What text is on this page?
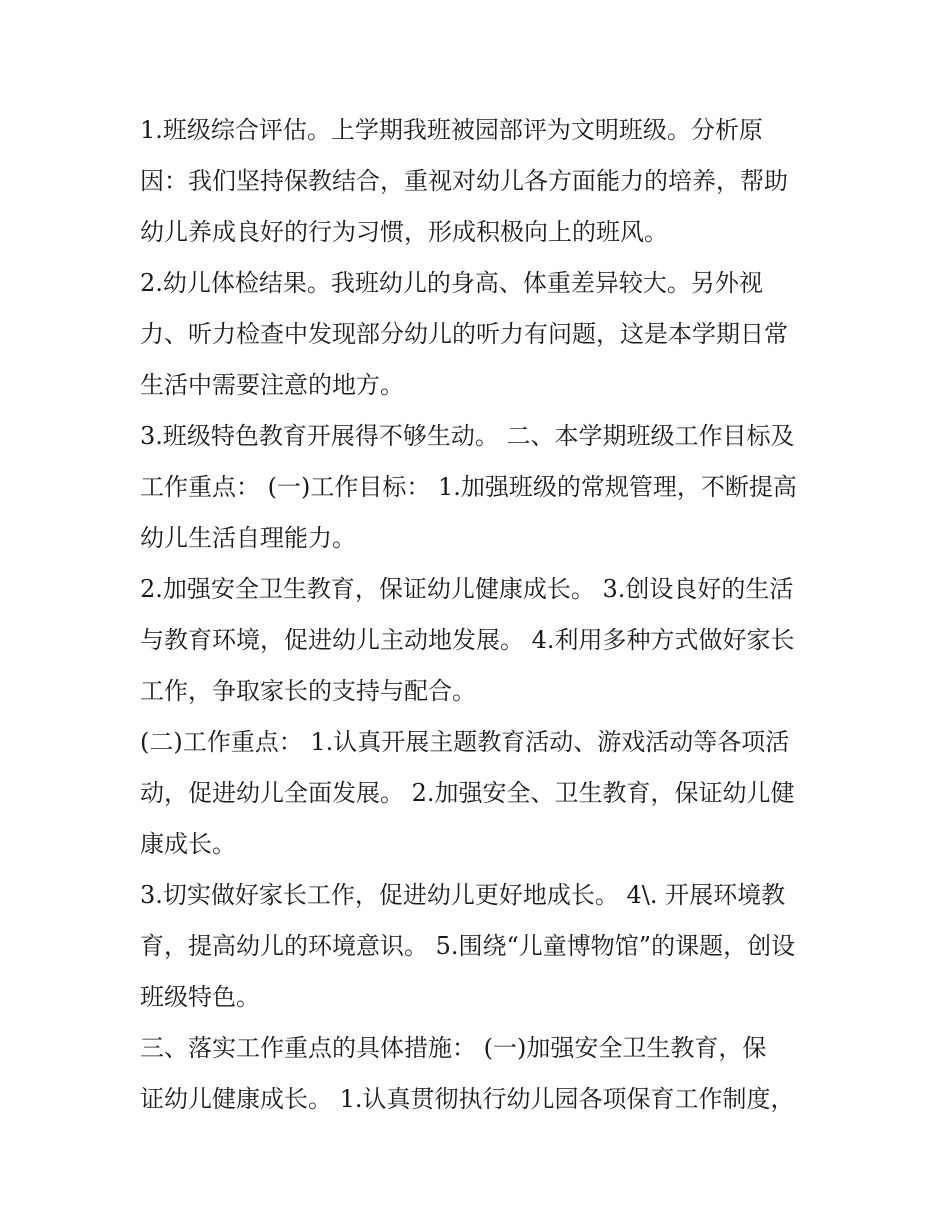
1.班级综合评估。上学期我班被园部评为文明班级。分析原

因：我们坚持保教结合，重视对幼儿各方面能力的培养，帮助

幼儿养成良好的行为习惯，形成积极向上的班风。

2.幼儿体检结果。我班幼儿的身高、体重差异较大。另外视

力、听力检查中发现部分幼儿的听力有问题，这是本学期日常

生活中需要注意的地方。

3.班级特色教育开展得不够生动。 二、本学期班级工作目标及

工作重点： (一)工作目标： 1.加强班级的常规管理，不断提高

幼儿生活自理能力。

2.加强安全卫生教育，保证幼儿健康成长。 3.创设良好的生活

与教育环境，促进幼儿主动地发展。 4.利用多种方式做好家长

工作，争取家长的支持与配合。

(二)工作重点： 1.认真开展主题教育活动、游戏活动等各项活

动，促进幼儿全面发展。 2.加强安全、卫生教育，保证幼儿健

康成长。

3.切实做好家长工作，促进幼儿更好地成长。 4\. 开展环境教

育，提高幼儿的环境意识。 5.围绕“儿童博物馆”的课题，创设

班级特色。

三、落实工作重点的具体措施： (一)加强安全卫生教育，保

证幼儿健康成长。 1.认真贯彻执行幼儿园各项保育工作制度，
